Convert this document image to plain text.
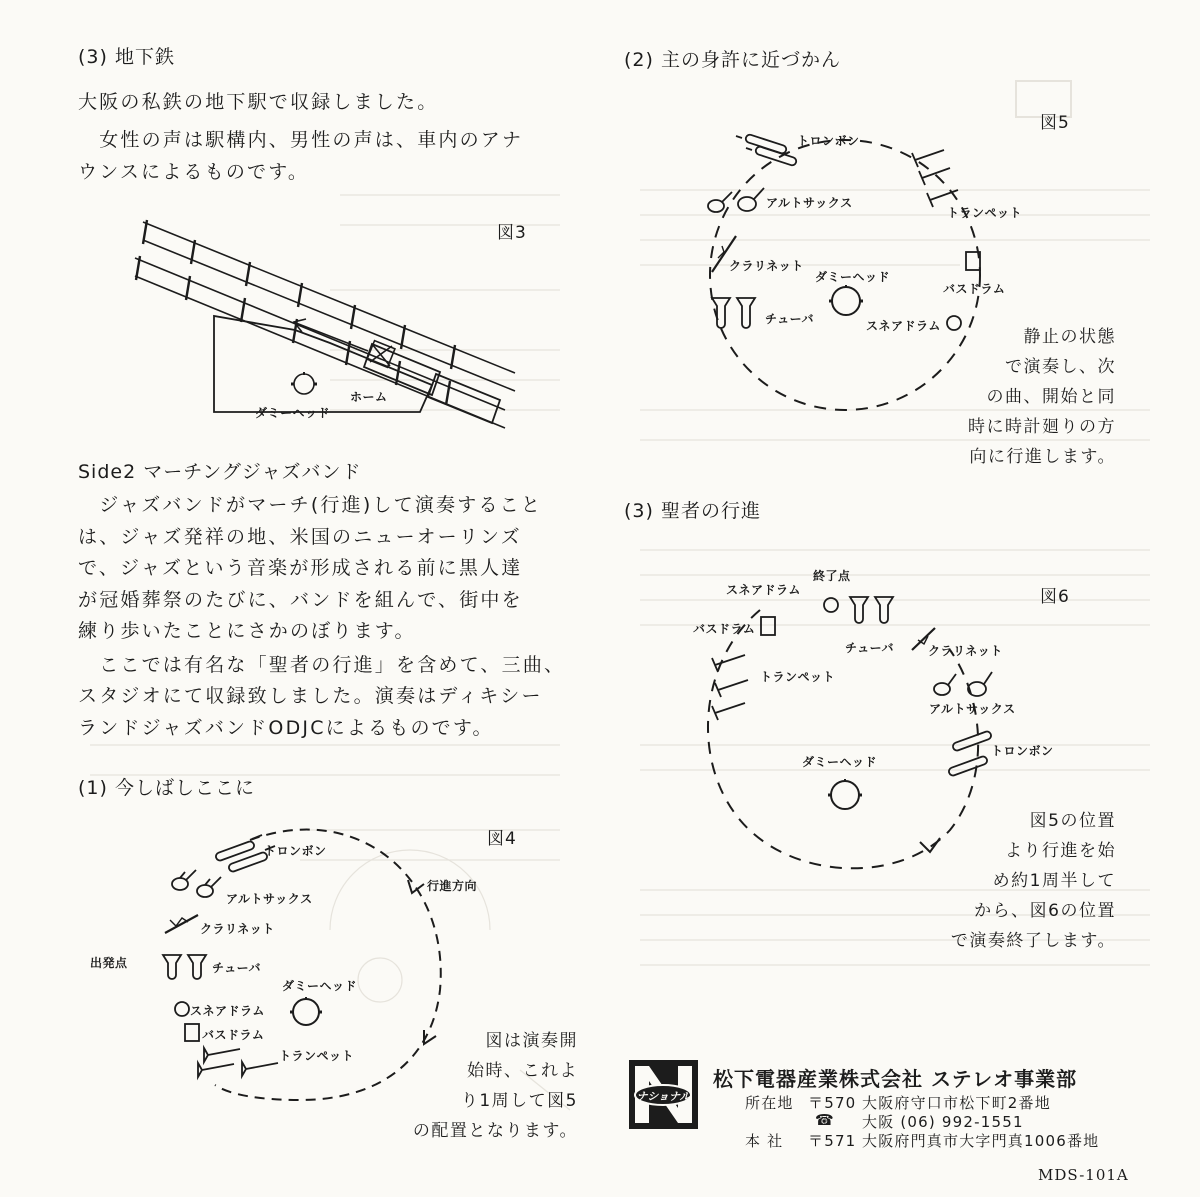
(3) 地下鉄

大阪の私鉄の地下駅で収録しました。

　女性の声は駅構内、男性の声は、車内のアナ

ウンスによるものです。

図3
ホーム
ダミーヘッド
Side2 マーチングジャズバンド

　ジャズバンドがマーチ(行進)して演奏すること

は、ジャズ発祥の地、米国のニューオーリンズ

で、ジャズという音楽が形成される前に黒人達

が冠婚葬祭のたびに、バンドを組んで、街中を

練り歩いたことにさかのぼります。

　ここでは有名な「聖者の行進」を含めて、三曲、

スタジオにて収録致しました。演奏はディキシー

ランドジャズバンドODJCによるものです。

(1) 今しばしここに
図4
トロンボン
アルトサックス
クラリネット
出発点	チューバ
ダミーヘッド
スネアドラム
バスドラム
トランペット
行進方向

図は演奏開

始時、これよ

り1周して図5

の配置となります。

(2) 主の身許に近づかん
図5
トロンボン
アルトサックス
トランペット
クラリネット
ダミーヘッド
バスドラム
チューバ	スネアドラム

静止の状態

で演奏し、次

の曲、開始と同

時に時計廻りの方

向に行進します。

(3) 聖者の行進
図6
終了点
スネアドラム
バスドラム
チューバ	クラリネット
トランペット
アルトサックス
トロンボン
ダミーヘッド

図5の位置

より行進を始

め約1周半して

から、図6の位置

で演奏終了します。

ナショナル
松下電器産業株式会社 ステレオ事業部
所在地 〒570 大阪府守口市松下町2番地
☎ 大阪 (06) 992-1551
本 社 〒571 大阪府門真市大字門真1006番地
MDS-101A
